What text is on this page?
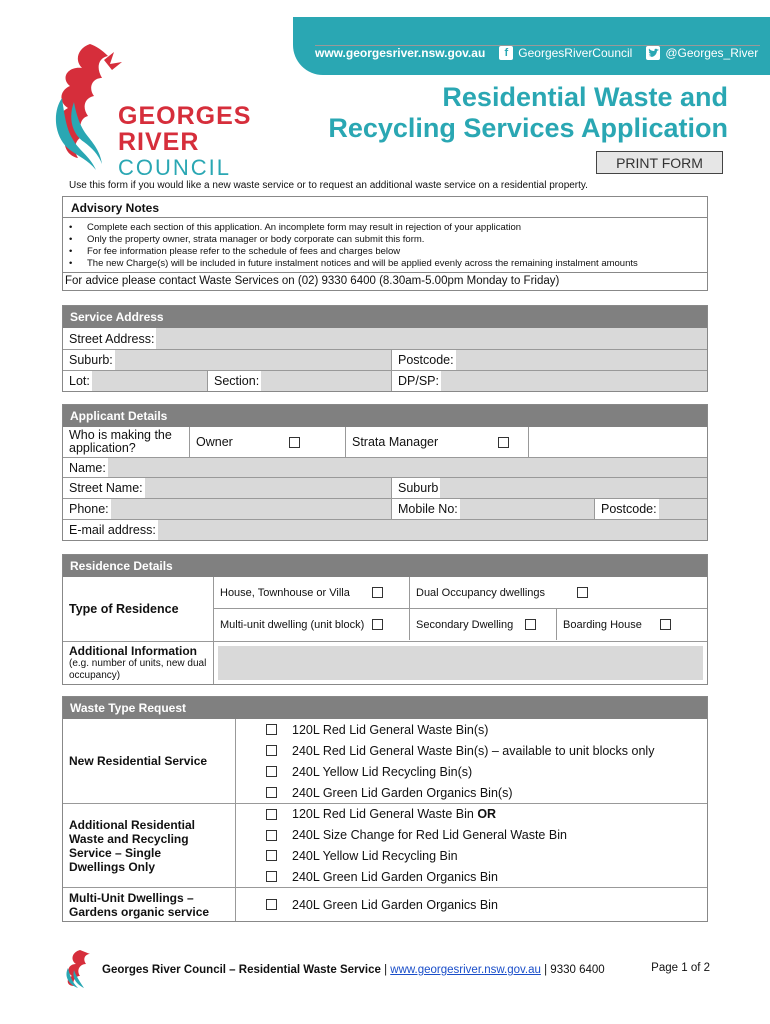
www.georgesriver.nsw.gov.au	f GeorgesRiverCouncil	@Georges_River
GEORGES
RIVER
COUNCIL
Residential Waste and
Recycling Services Application
PRINT FORM
Use this form if you would like a new waste service or to request an additional waste service on a residential property.
Advisory Notes
• Complete each section of this application. An incomplete form may result in rejection of your application
• Only the property owner, strata manager or body corporate can submit this form.
• For fee information please refer to the schedule of fees and charges below
• The new Charge(s) will be included in future instalment notices and will be applied evenly across the remaining instalment amounts
For advice please contact Waste Services on (02) 9330 6400 (8.30am-5.00pm Monday to Friday)
Service Address
Street Address:
Suburb:	Postcode:
Lot:	Section:	DP/SP:
Applicant Details
Who is making the application?	Owner	Strata Manager
Name:
Street Name:	Suburb
Phone:	Mobile No:	Postcode:
E-mail address:
Residence Details
Type of Residence
House, Townhouse or Villa	Dual Occupancy dwellings
Multi-unit dwelling (unit block)	Secondary Dwelling	Boarding House
Additional Information
(e.g. number of units, new dual occupancy)
Waste Type Request
New Residential Service
120L Red Lid General Waste Bin(s)
240L Red Lid General Waste Bin(s) – available to unit blocks only
240L Yellow Lid Recycling Bin(s)
240L Green Lid Garden Organics Bin(s)
Additional Residential Waste and Recycling Service – Single Dwellings Only
120L Red Lid General Waste Bin OR
240L Size Change for Red Lid General Waste Bin
240L Yellow Lid Recycling Bin
240L Green Lid Garden Organics Bin
Multi-Unit Dwellings – Gardens organic service	240L Green Lid Garden Organics Bin
Georges River Council – Residential Waste Service | www.georgesriver.nsw.gov.au | 9330 6400	Page 1 of 2
